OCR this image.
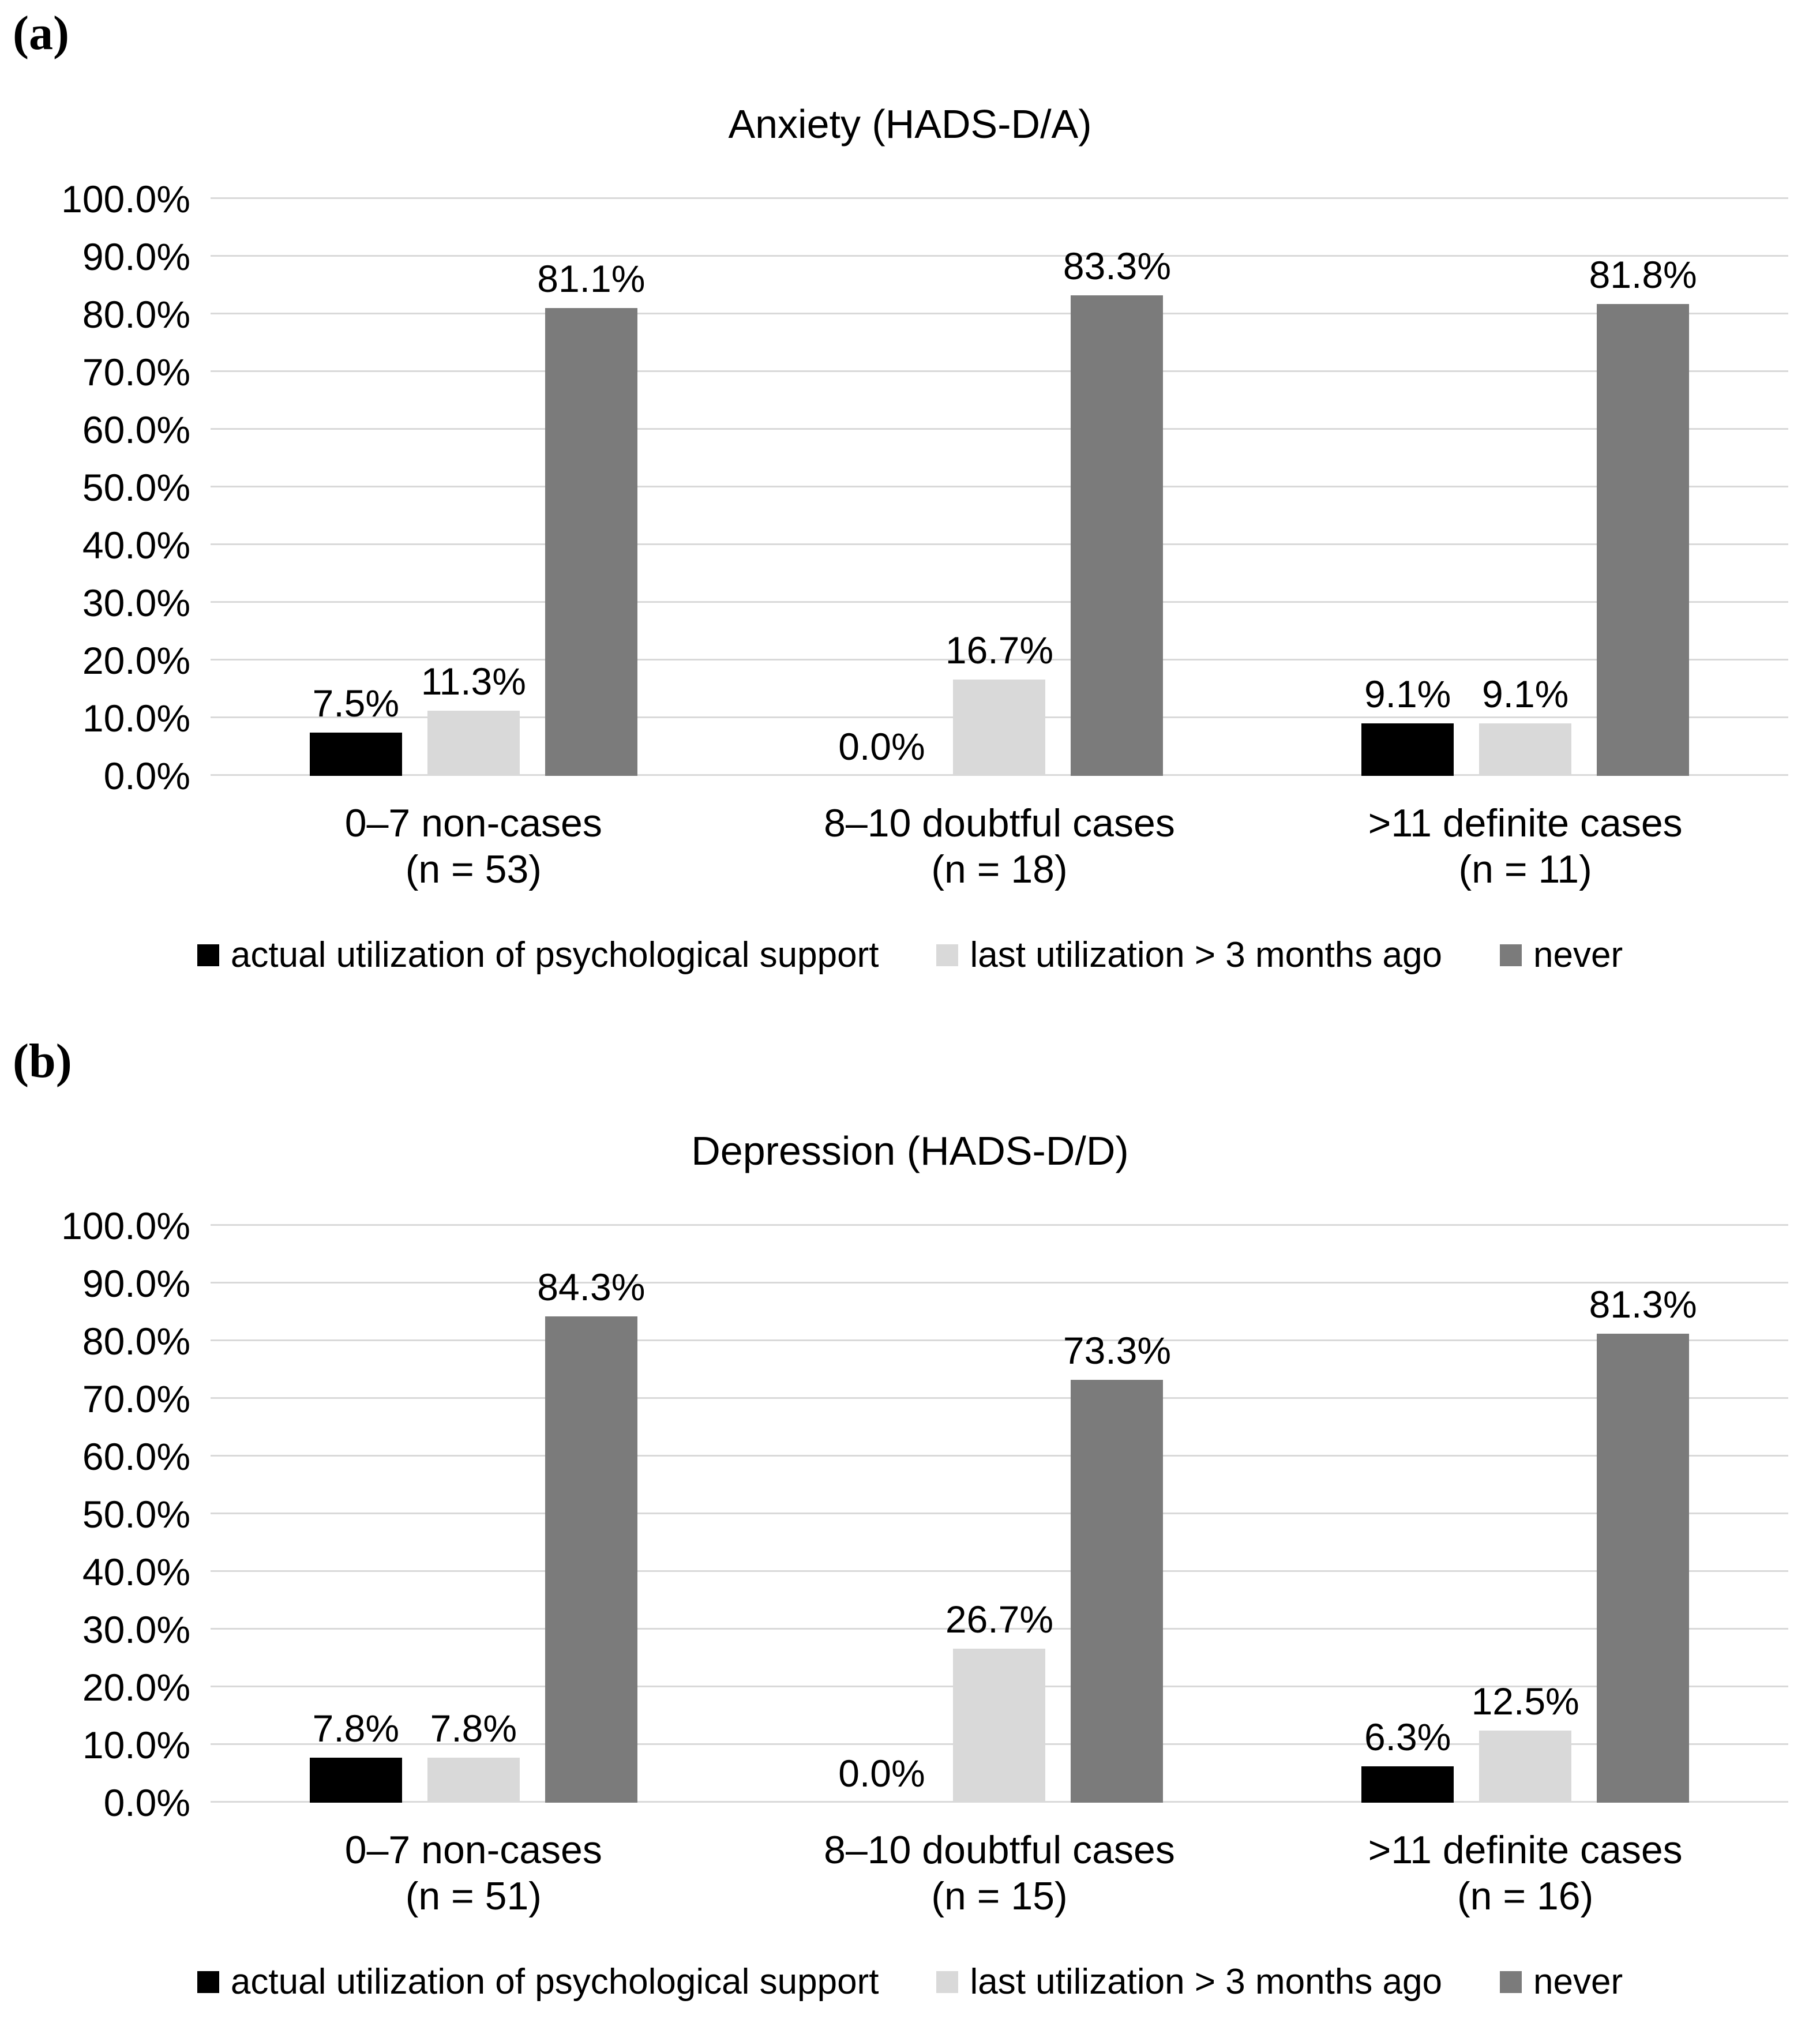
(a)
Anxiety (HADS-D/A)
100.0%
90.0%
80.0%
70.0%
60.0%
50.0%
40.0%
30.0%
20.0%
10.0%
0.0%
7.5%
11.3%
81.1%
0.0%
16.7%
83.3%
9.1% 9.1%
81.8%
0–7 non-cases
(n = 53)
8–10 doubtful cases
(n = 18)
>11 definite cases
(n = 11)
actual utilization of psychological support	last utilization > 3 months ago	never
(b)
Depression (HADS-D/D)
100.0%
90.0%
80.0%
70.0%
60.0%
50.0%
40.0%
30.0%
20.0%
10.0%
0.0%
7.8% 7.8%
84.3%
0.0%
26.7%
73.3%
6.3%
12.5%
81.3%
0–7 non-cases
(n = 51)
8–10 doubtful cases
(n = 15)
>11 definite cases
(n = 16)
actual utilization of psychological support	last utilization > 3 months ago	never
